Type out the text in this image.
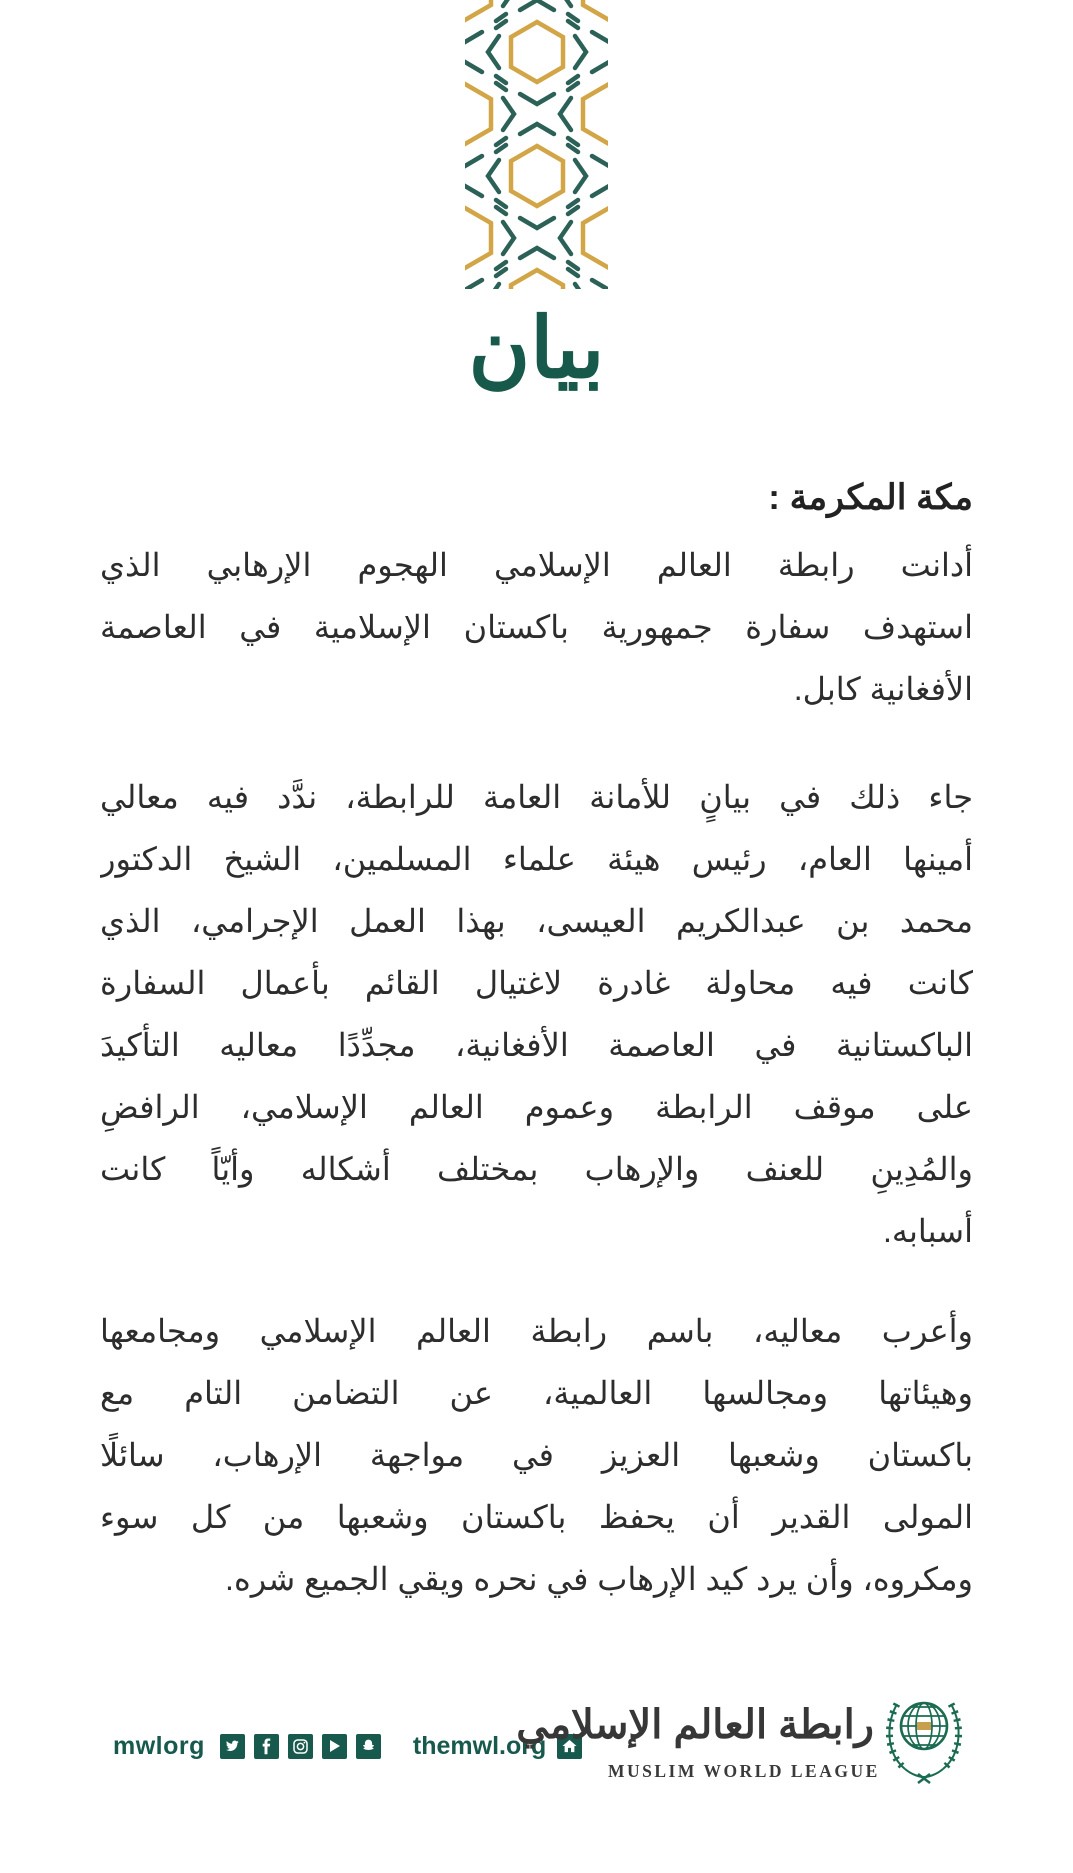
بيان
مكة المكرمة :
أدانت رابطة العالم الإسلامي الهجوم الإرهابي الذي
استهدف سفارة جمهورية باكستان الإسلامية في العاصمة
الأفغانية كابل.
جاء ذلك في بيانٍ للأمانة العامة للرابطة، ندَّد فيه معالي
أمينها العام، رئيس هيئة علماء المسلمين، الشيخ الدكتور
محمد بن عبدالكريم العيسى، بهذا العمل الإجرامي، الذي
كانت فيه محاولة غادرة لاغتيال القائم بأعمال السفارة
الباكستانية في العاصمة الأفغانية، مجدِّدًا معاليه التأكيدَ
على موقف الرابطة وعموم العالم الإسلامي، الرافضِ
والمُدِينِ للعنف والإرهاب بمختلف أشكاله وأيّاً كانت
أسبابه.
وأعرب معاليه، باسم رابطة العالم الإسلامي ومجامعها
وهيئاتها ومجالسها العالمية، عن التضامن التام مع
باكستان وشعبها العزيز في مواجهة الإرهاب، سائلًا
المولى القدير أن يحفظ باكستان وشعبها من كل سوء
ومكروه، وأن يرد كيد الإرهاب في نحره ويقي الجميع شره.
mwlorg	themwl.org
رابطة العالم الإسلامي
MUSLIM WORLD LEAGUE
